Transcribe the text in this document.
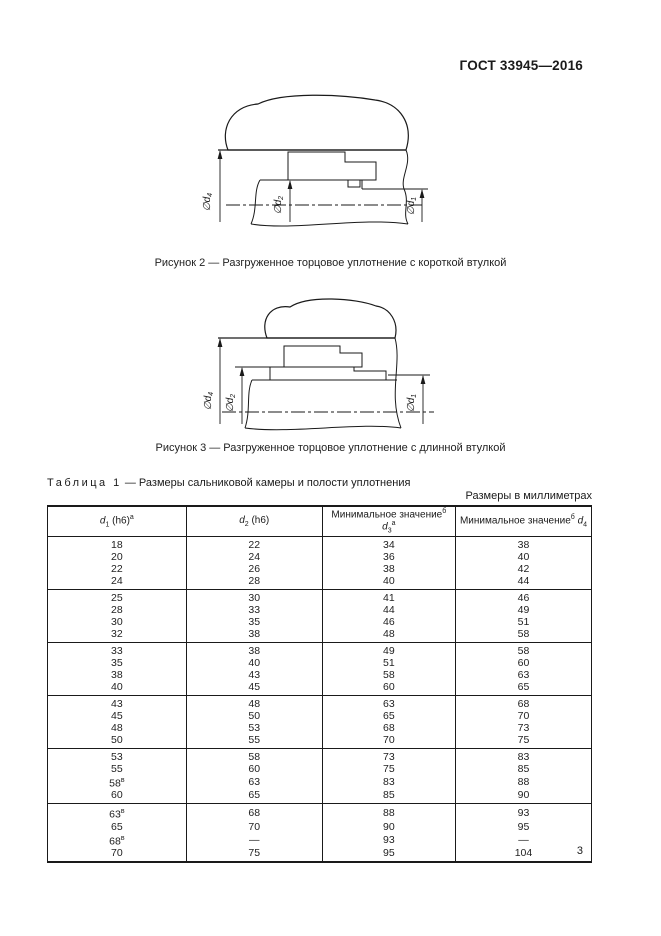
ГОСТ 33945—2016
$\emptyset d_4$
$\emptyset d_2$
$\emptyset d_1$
Рисунок 2 — Разгруженное торцовое уплотнение с короткой втулкой
$\emptyset d_4$
$\emptyset d_2$
$\emptyset d_1$
Рисунок 3 — Разгруженное торцовое уплотнение с длинной втулкой
Таблица 1 — Размеры сальниковой камеры и полости уплотнения
Размеры в миллиметрах
$d_1$ $(h6)^а$	$d_2$ (h6)	Минимальное значение$^б$ $d_3^а$	Минимальное значение$^б$ $d_4$
18	22	34	38
20	24	36	40
22	26	38	42
24	28	40	44
25	30	41	46
28	33	44	49
30	35	46	51
32	38	48	58
33	38	49	58
35	40	51	60
38	43	58	63
40	45	60	65
43	48	63	68
45	50	65	70
48	53	68	73
50	55	70	75
53	58	73	83
55	60	75	85
$58^в$	63	83	88
60	65	85	90
$63^в$	68	88	93
65	70	90	95
$68^в$	—	93	—
70	75	95	104	3
